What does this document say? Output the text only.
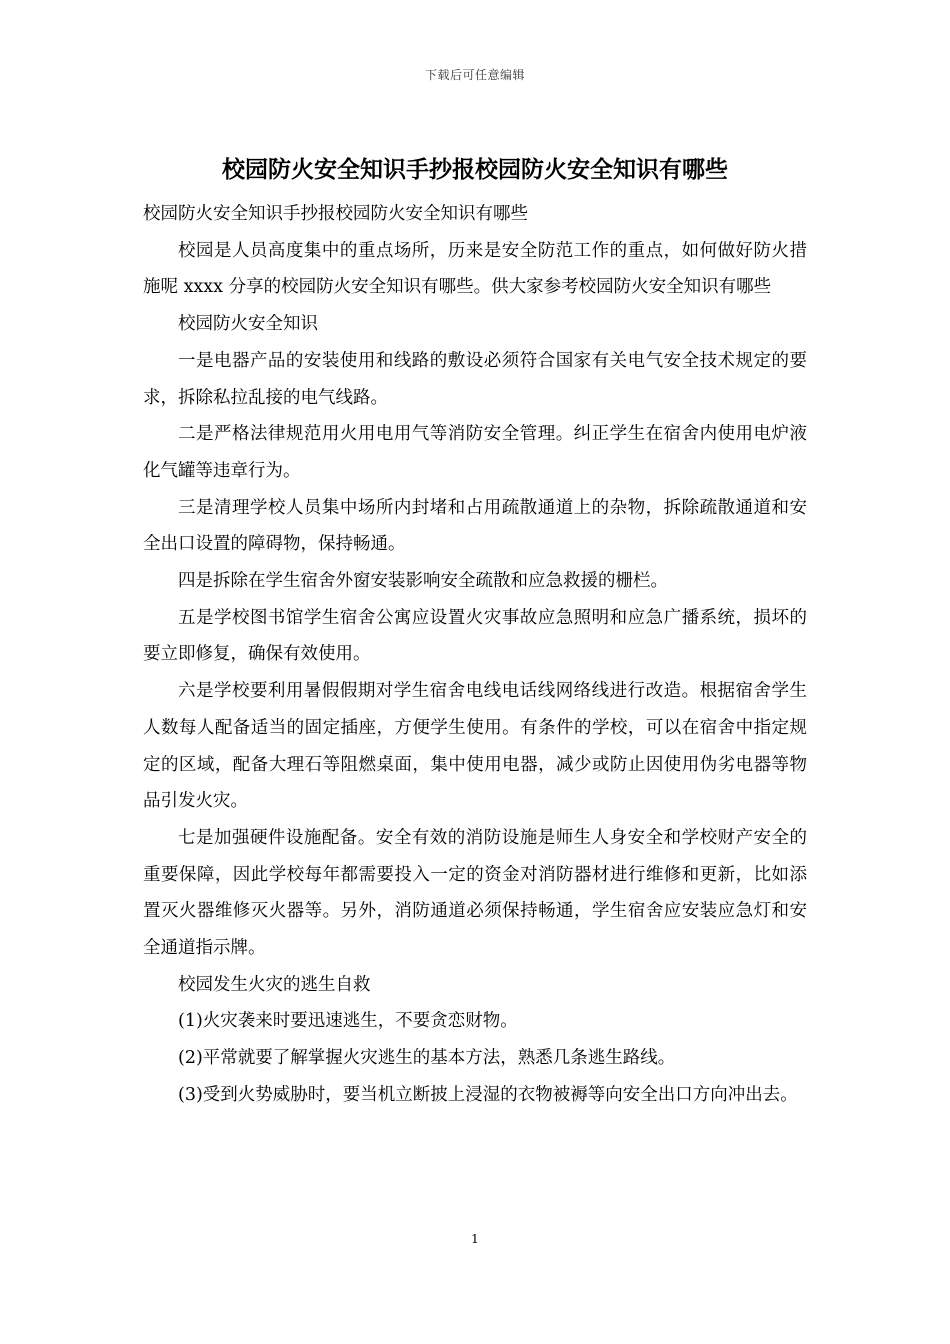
下载后可任意编辑
校园防火安全知识手抄报校园防火安全知识有哪些

校园防火安全知识手抄报校园防火安全知识有哪些

校园是人员高度集中的重点场所，历来是安全防范工作的重点，如何做好防火措施呢 xxxx 分享的校园防火安全知识有哪些。供大家参考校园防火安全知识有哪些

校园防火安全知识

一是电器产品的安装使用和线路的敷设必须符合国家有关电气安全技术规定的要求，拆除私拉乱接的电气线路。

二是严格法律规范用火用电用气等消防安全管理。纠正学生在宿舍内使用电炉液化气罐等违章行为。

三是清理学校人员集中场所内封堵和占用疏散通道上的杂物，拆除疏散通道和安全出口设置的障碍物，保持畅通。

四是拆除在学生宿舍外窗安装影响安全疏散和应急救援的栅栏。

五是学校图书馆学生宿舍公寓应设置火灾事故应急照明和应急广播系统，损坏的要立即修复，确保有效使用。

六是学校要利用暑假假期对学生宿舍电线电话线网络线进行改造。根据宿舍学生人数每人配备适当的固定插座，方便学生使用。有条件的学校，可以在宿舍中指定规定的区域，配备大理石等阻燃桌面，集中使用电器，减少或防止因使用伪劣电器等物品引发火灾。

七是加强硬件设施配备。安全有效的消防设施是师生人身安全和学校财产安全的重要保障，因此学校每年都需要投入一定的资金对消防器材进行维修和更新，比如添置灭火器维修灭火器等。另外，消防通道必须保持畅通，学生宿舍应安装应急灯和安全通道指示牌。

校园发生火灾的逃生自救

(1)火灾袭来时要迅速逃生，不要贪恋财物。

(2)平常就要了解掌握火灾逃生的基本方法，熟悉几条逃生路线。

(3)受到火势威胁时，要当机立断披上浸湿的衣物被褥等向安全出口方向冲出去。

1
